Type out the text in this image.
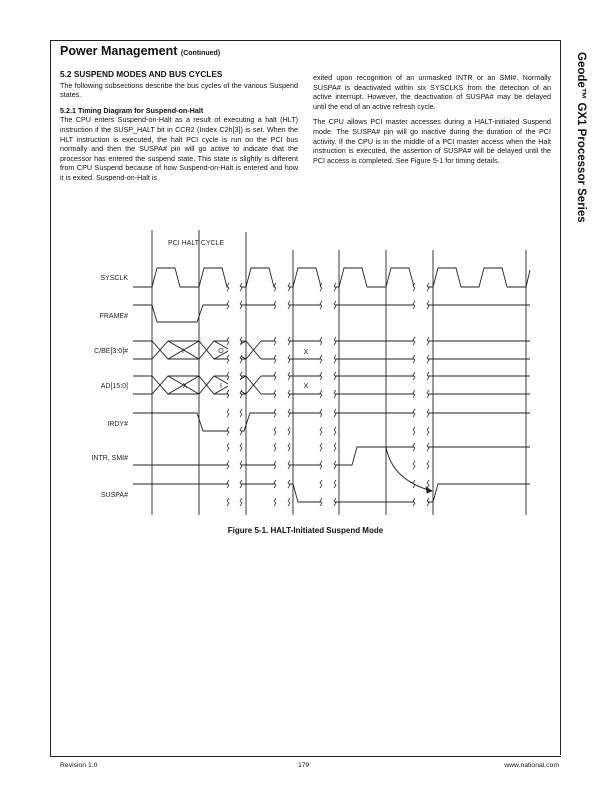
Power Management (Continued)	Geode™ GX1 Processor Series
5.2 SUSPEND MODES AND BUS CYCLES

The following subsections describe the bus cycles of the various Suspend states.

5.2.1 Timing Diagram for Suspend-on-Halt

The CPU enters Suspend-on-Halt as a result of executing a halt (HLT) instruction if the SUSP_HALT bit in CCR2 (Index C2h[3]) is set. When the HLT instruction is executed, the halt PCI cycle is run on the PCI bus normally and then the SUSPA# pin will go active to indicate that the processor has entered the suspend state. This state is slightly is different from CPU Suspend because of how Suspend-on-Halt is entered and how it is exited. Suspend-on-Halt is

exited upon recognition of an unmasked INTR or an SMI#. Normally SUSPA# is deactivated within six SYSCLKS from the detection of an active interrupt. However, the deactivation of SUSPA# may be delayed until the end of an active refresh cycle.

The CPU allows PCI master accesses during a HALT-initiated Suspend mode. The SUSPA# pin will go inactive during the duration of the PCI activity. If the CPU is in the middle of a PCI master access when the Halt instruction is executed, the assertion of SUSPA# will be delayed until the PCI access is completed. See Figure 5-1 for timing details.

PCI HALT CYCLE
SYSCLK
FRAME#
C/BE[3:0]#
AD[15:0]
IRDY#
INTR, SMI#
SUSPA#
I	O	X
X	I	X
Figure 5-1. HALT-Initiated Suspend Mode
Revision 1.0	179	www.national.com
